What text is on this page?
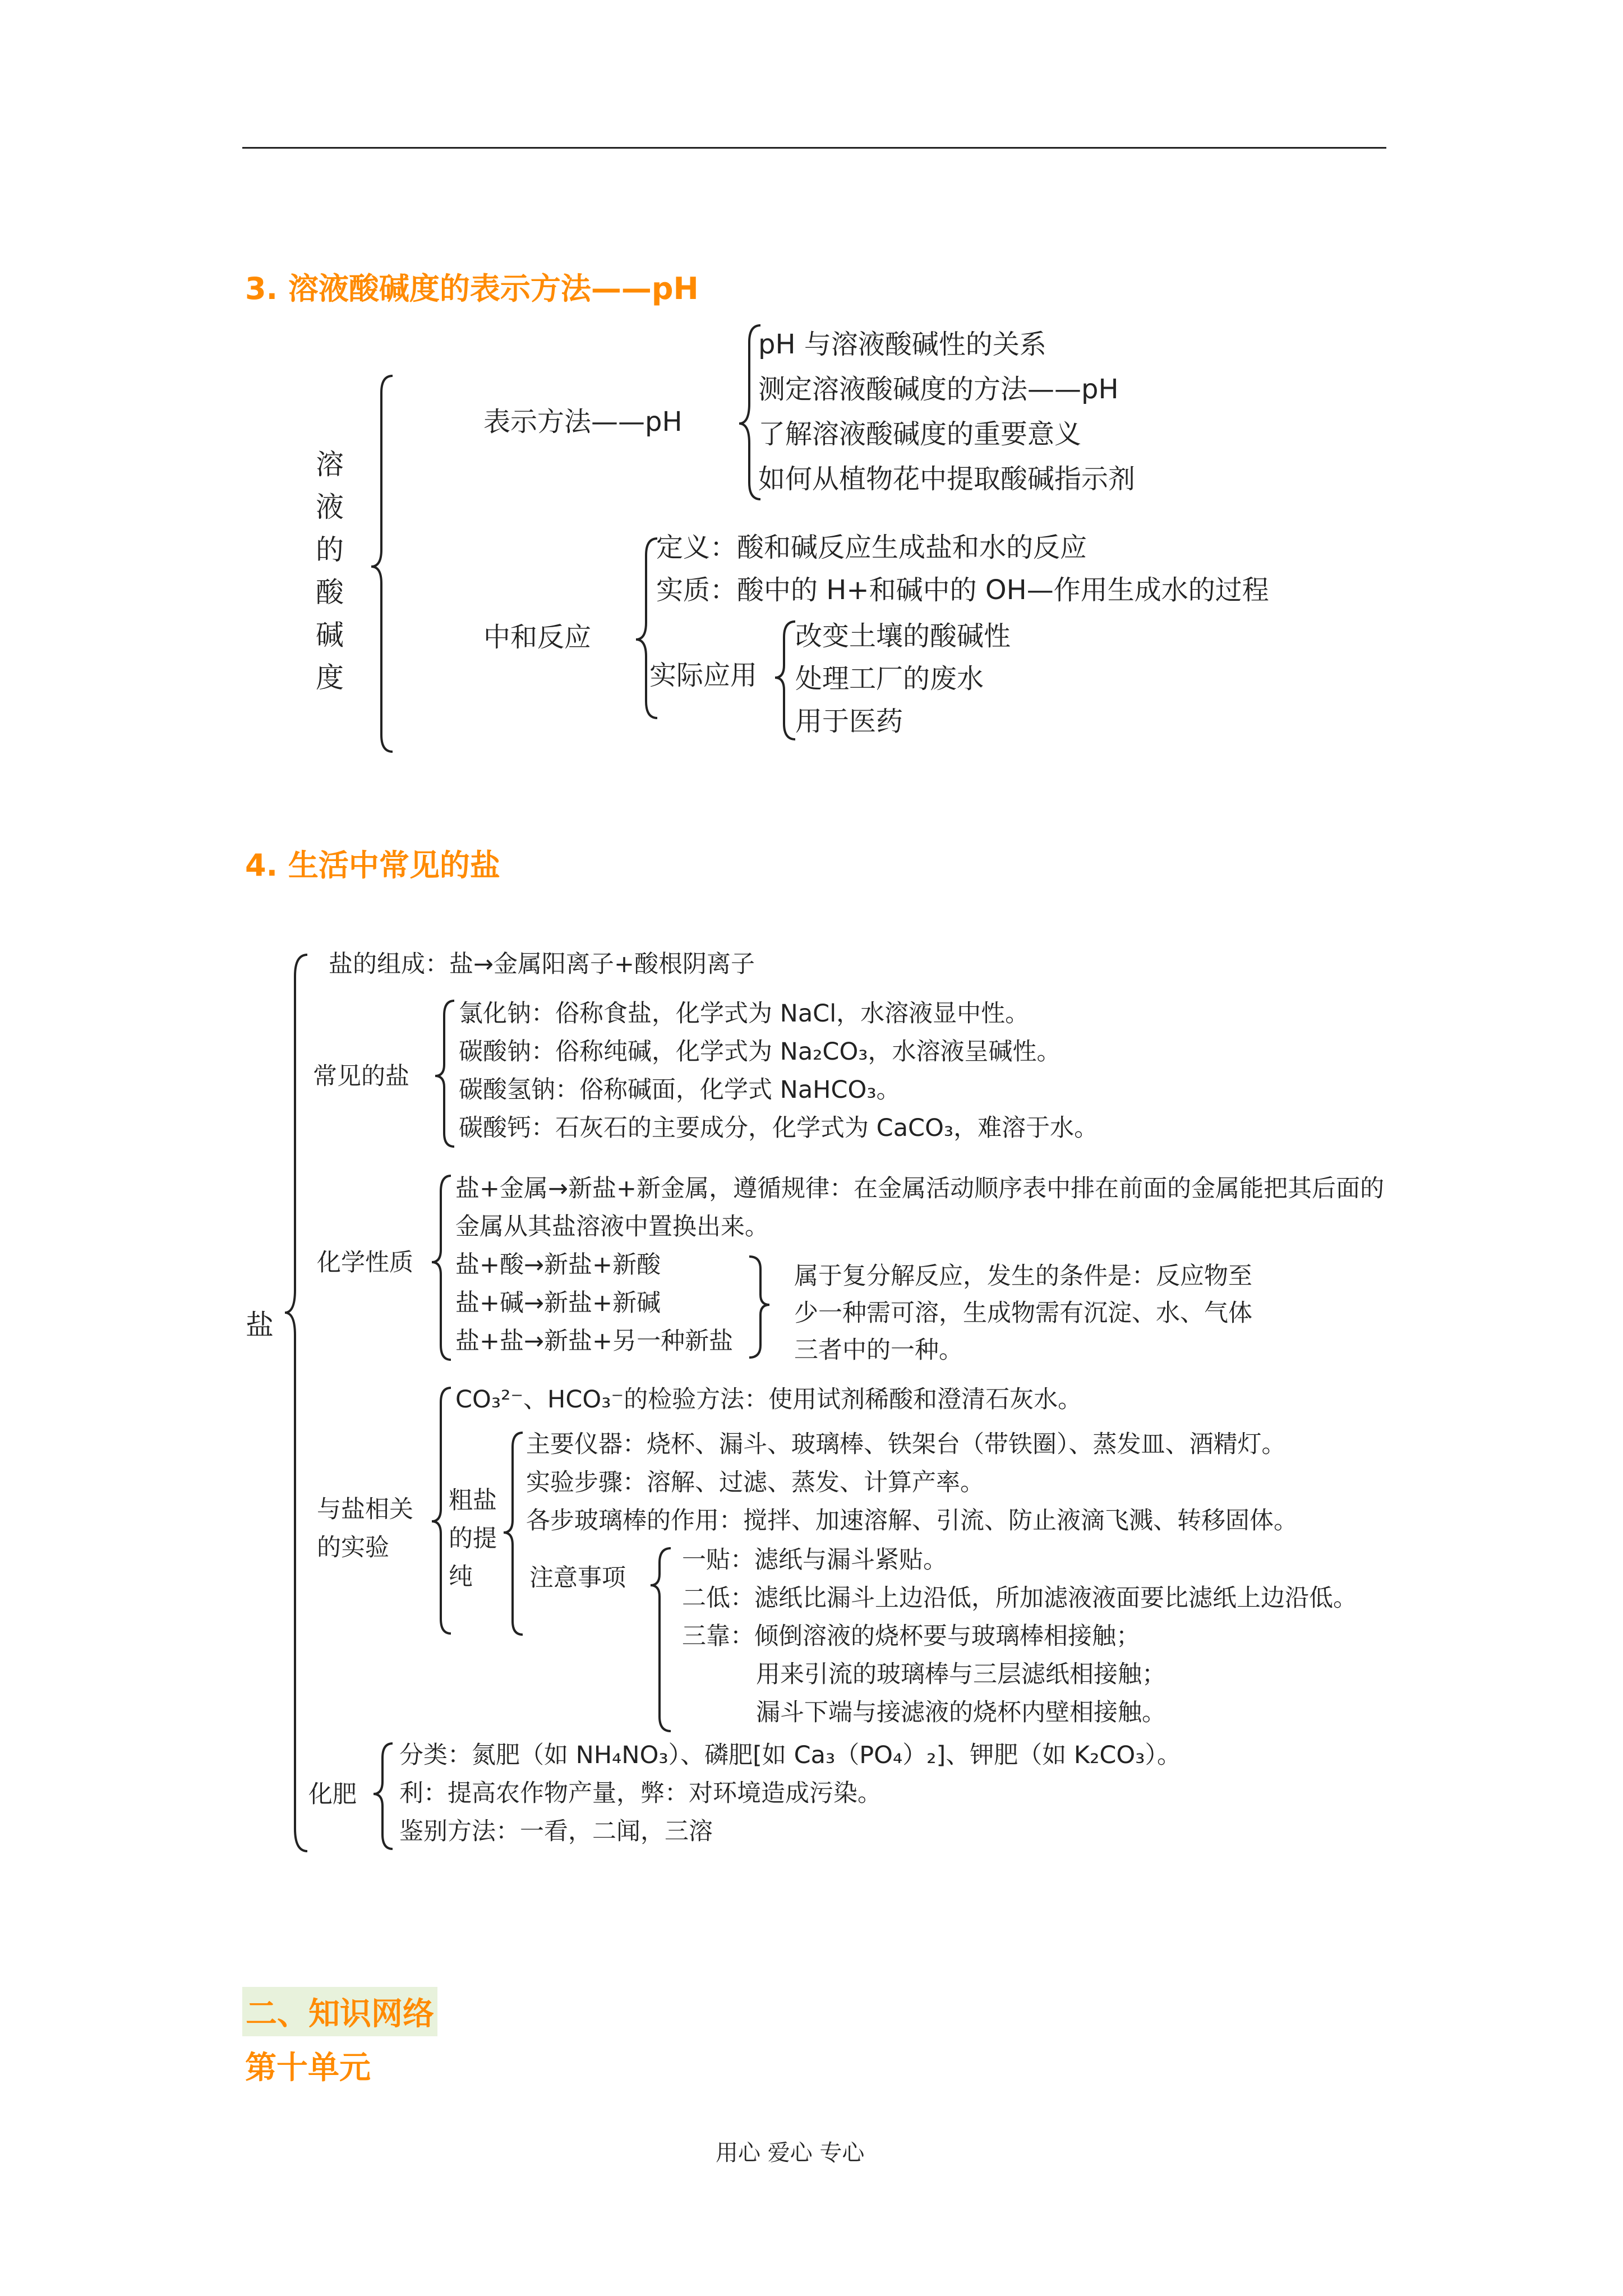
3. 溶液酸碱度的表示方法——pH
溶
液
的
酸
碱
度
表示方法——pH
pH 与溶液酸碱性的关系
测定溶液酸碱度的方法——pH
了解溶液酸碱度的重要意义
如何从植物花中提取酸碱指示剂
中和反应
定义：酸和碱反应生成盐和水的反应
实质：酸中的 H+和碱中的 OH—作用生成水的过程
实际应用
改变土壤的酸碱性
处理工厂的废水
用于医药
4. 生活中常见的盐
盐
盐的组成：盐→金属阳离子+酸根阴离子
常见的盐
氯化钠：俗称食盐，化学式为 NaCl，水溶液显中性。
碳酸钠：俗称纯碱，化学式为 Na₂CO₃，水溶液呈碱性。
碳酸氢钠：俗称碱面，化学式 NaHCO₃。
碳酸钙：石灰石的主要成分，化学式为 CaCO₃，难溶于水。
化学性质
盐+金属→新盐+新金属，遵循规律：在金属活动顺序表中排在前面的金属能把其后面的
金属从其盐溶液中置换出来。
盐+酸→新盐+新酸
盐+碱→新盐+新碱
盐+盐→新盐+另一种新盐
属于复分解反应，发生的条件是：反应物至
少一种需可溶，生成物需有沉淀、水、气体
三者中的一种。
与盐相关
的实验
CO₃²⁻、HCO₃⁻的检验方法：使用试剂稀酸和澄清石灰水。
粗盐
的提
纯
主要仪器：烧杯、漏斗、玻璃棒、铁架台（带铁圈）、蒸发皿、酒精灯。
实验步骤：溶解、过滤、蒸发、计算产率。
各步玻璃棒的作用：搅拌、加速溶解、引流、防止液滴飞溅、转移固体。
注意事项
一贴：滤纸与漏斗紧贴。
二低：滤纸比漏斗上边沿低，所加滤液液面要比滤纸上边沿低。
三靠：倾倒溶液的烧杯要与玻璃棒相接触；
用来引流的玻璃棒与三层滤纸相接触；
漏斗下端与接滤液的烧杯内壁相接触。
化肥
分类：氮肥（如 NH₄NO₃）、磷肥[如 Ca₃（PO₄）₂]、钾肥（如 K₂CO₃）。
利：提高农作物产量，弊：对环境造成污染。
鉴别方法：一看，二闻，三溶
二、知识网络
第十单元
用心 爱心 专心
